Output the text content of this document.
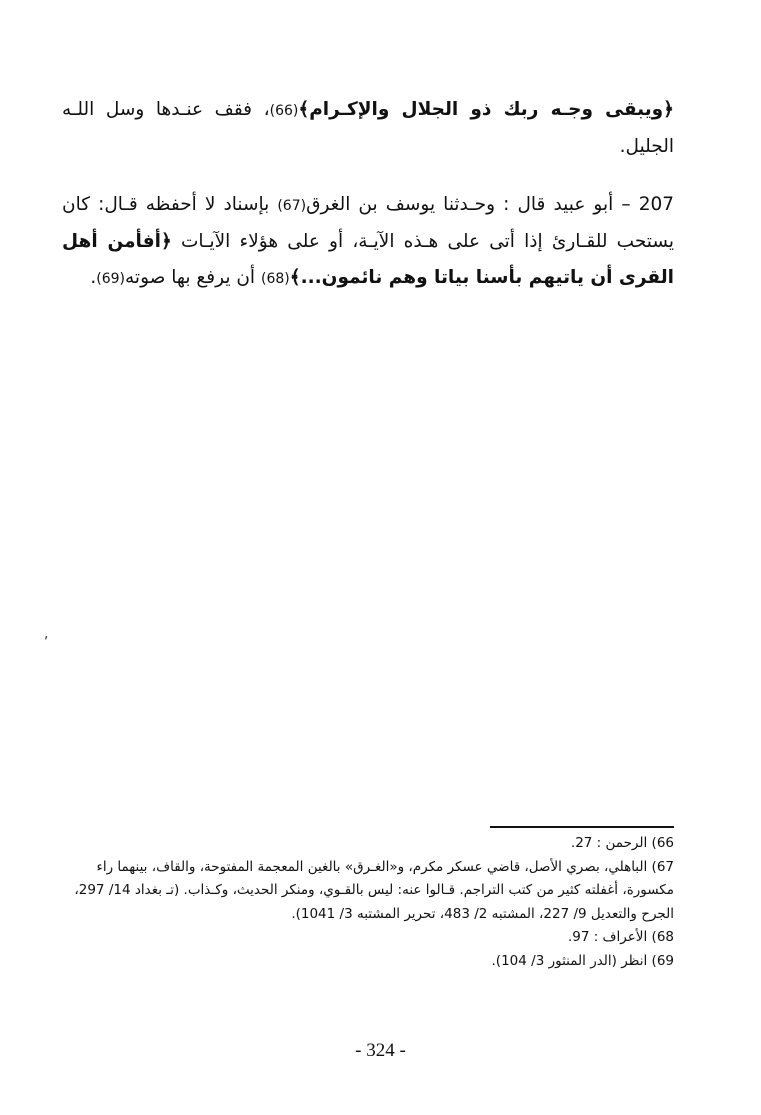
﴿ويبقى وجـه ربك ذو الجلال والإكـرام﴾(66)، فقف عنـدها وسل اللـه الجليل.

207 – أبو عبيد قال : وحـدثنا يوسف بن الغرق(67) بإسناد لا أحفظه قـال: كان يستحب للقـارئ إذا أتى على هـذه الآيـة، أو على هؤلاء الآيـات ﴿أفأمن أهل القرى أن ياتيهم بأسنا بياتا وهم نائمون...﴾(68) أن يرفع بها صوته(69).

,

66) الرحمن : 27.

67) الباهلي، بصري الأصل، قاضي عسكر مكرم، و«الغـرق» بالغين المعجمة المفتوحة، والقاف، بينهما راء مكسورة، أغفلته كثير من كتب التراجم. قـالوا عنه: ليس بالقـوي، ومنكر الحديث، وكـذاب. (تـ بغداد 14/ 297، الجرح والتعديل 9/ 227، المشتبه 2/ 483، تحرير المشتبه 3/ 1041).

68) الأعراف : 97.

69) انظر (الدر المنثور 3/ 104).

- 324 -
